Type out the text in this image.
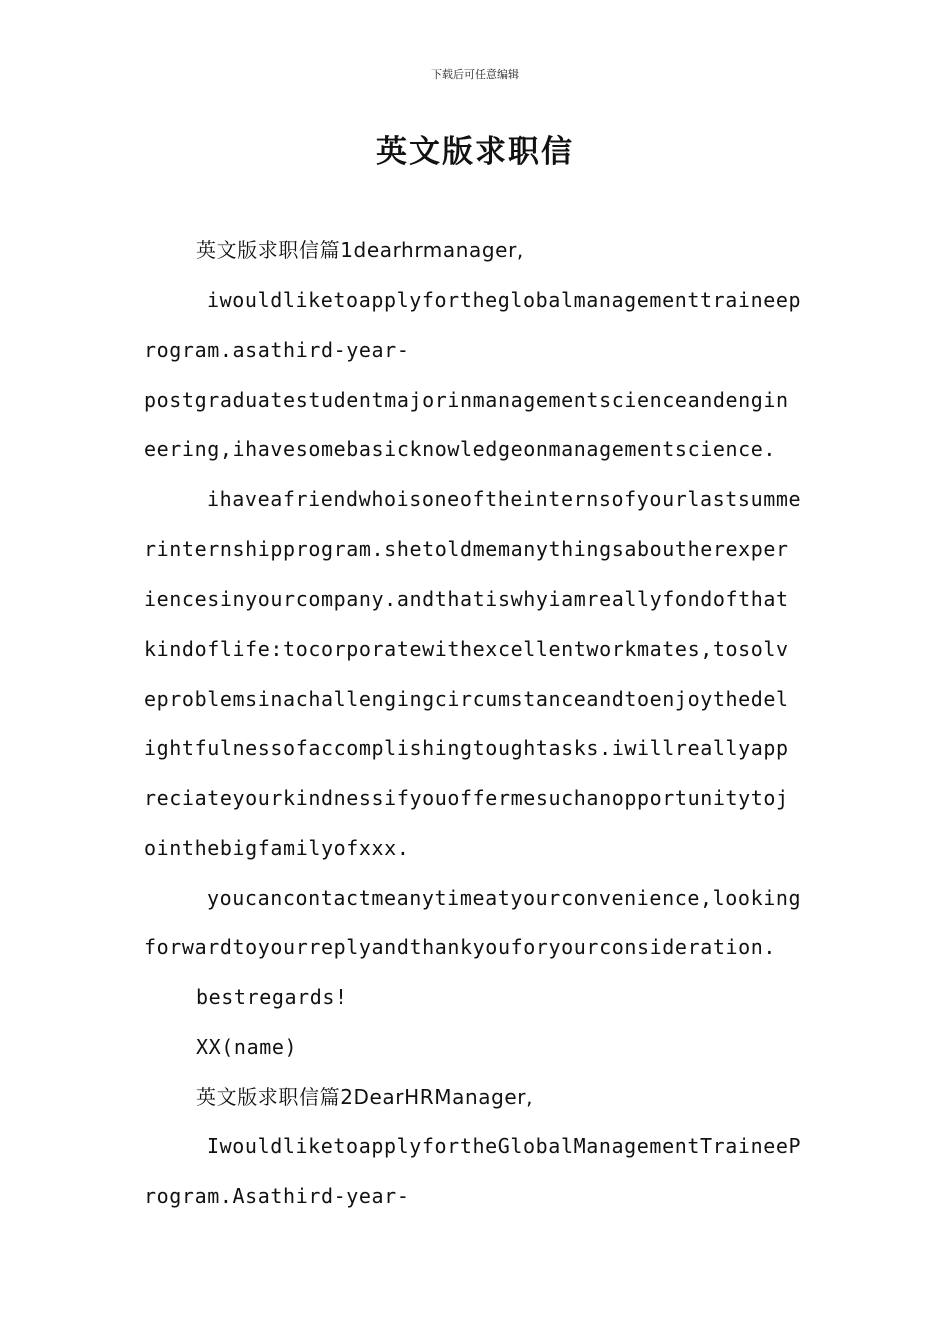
下载后可任意编辑
英文版求职信
英文版求职信篇1dearhrmanager,
iwouldliketoapplyfortheglobalmanagementtraineep
rogram.asathird-year-
postgraduatestudentmajorinmanagementscienceandengin
eering,ihavesomebasicknowledgeonmanagementscience.
ihaveafriendwhoisoneoftheinternsofyourlastsumme
rinternshipprogram.shetoldmemanythingsaboutherexper
iencesinyourcompany.andthatiswhyiamreallyfondofthat
kindoflife:tocorporatewithexcellentworkmates,tosolv
eproblemsinachallengingcircumstanceandtoenjoythedel
ightfulnessofaccomplishingtoughtasks.iwillreallyapp
reciateyourkindnessifyouoffermesuchanopportunitytoj
ointhebigfamilyofxxx.
youcancontactmeanytimeatyourconvenience,looking
forwardtoyourreplyandthankyouforyourconsideration.
bestregards!
XX(name)
英文版求职信篇2DearHRManager,
IwouldliketoapplyfortheGlobalManagementTraineeP
rogram.Asathird-year-
